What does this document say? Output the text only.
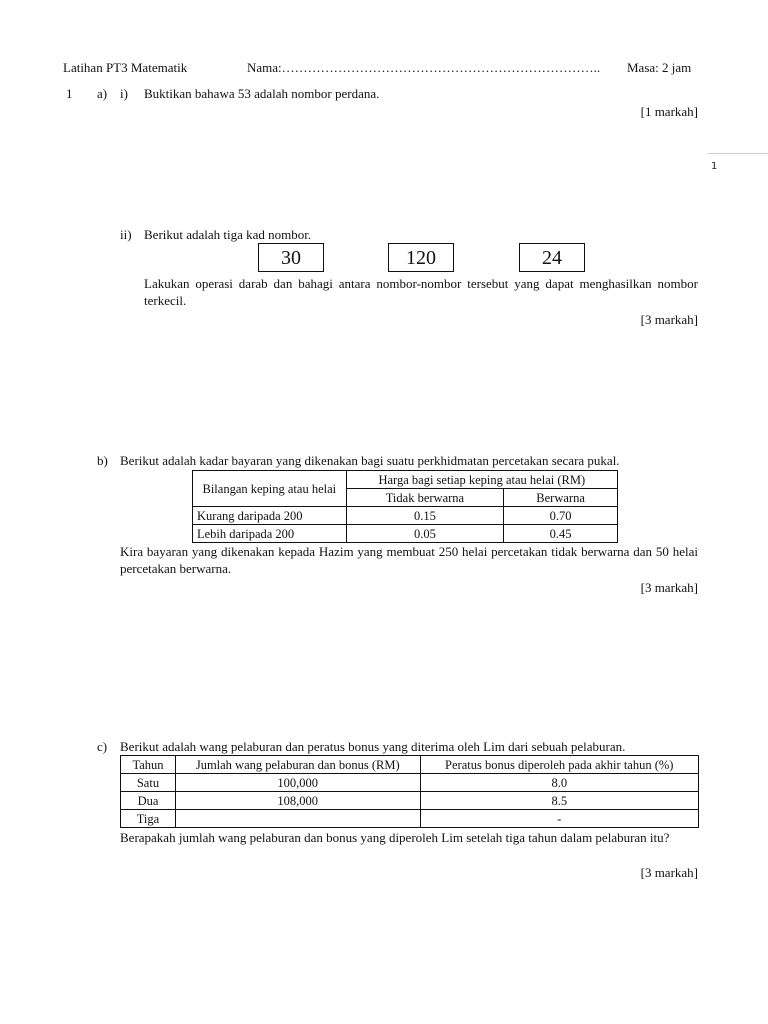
Latihan PT3 Matematik	Nama:……………………………………………………………….. Masa: 2 jam
1
1 a) i) Buktikan bahawa 53 adalah nombor perdana.
[1 markah]
ii) Berikut adalah tiga kad nombor.
30	120	24
Lakukan operasi darab dan bahagi antara nombor-nombor tersebut yang dapat menghasilkan nombor terkecil.
[3 markah]
b) Berikut adalah kadar bayaran yang dikenakan bagi suatu perkhidmatan percetakan secara pukal.
Bilangan keping atau helai	Harga bagi setiap keping atau helai (RM)	
	Tidak berwarna	Berwarna
Kurang daripada 200	0.15	0.70
Lebih daripada 200	0.05	0.45
Kira bayaran yang dikenakan kepada Hazim yang membuat 250 helai percetakan tidak berwarna dan 50 helai percetakan berwarna.
[3 markah]
c) Berikut adalah wang pelaburan dan peratus bonus yang diterima oleh Lim dari sebuah pelaburan.
Tahun	Jumlah wang pelaburan dan bonus (RM)	Peratus bonus diperoleh pada akhir tahun (%)
Satu	100,000	8.0
Dua	108,000	8.5
Tiga		-
Berapakah jumlah wang pelaburan dan bonus yang diperoleh Lim setelah tiga tahun dalam pelaburan itu?
[3 markah]
